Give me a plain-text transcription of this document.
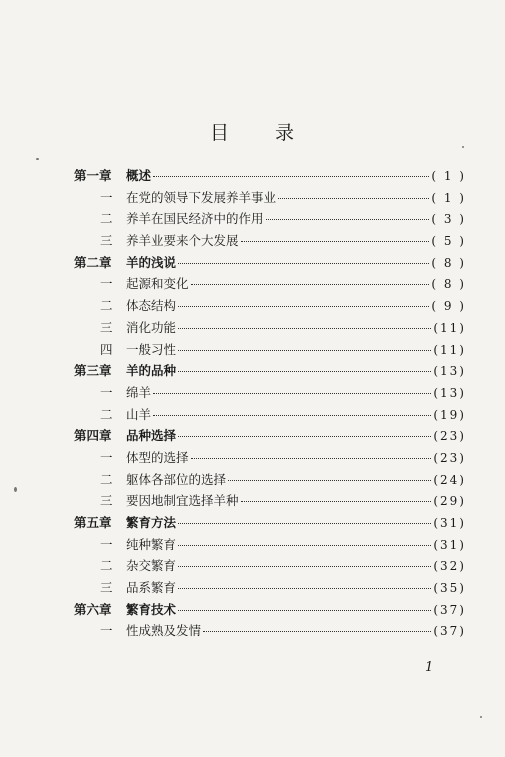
目 录
第一章	概述	( 1 )
一	在党的领导下发展养羊事业	( 1 )
二	养羊在国民经济中的作用	( 3 )
三	养羊业要来个大发展	( 5 )
第二章	羊的浅说	( 8 )
一	起源和变化	( 8 )
二	体态结构	( 9 )
三	消化功能	(11)
四	一般习性	(11)
第三章	羊的品种	(13)
一	绵羊	(13)
二	山羊	(19)
第四章	品种选择	(23)
一	体型的选择	(23)
二	躯体各部位的选择	(24)
三	要因地制宜选择羊种	(29)
第五章	繁育方法	(31)
一	纯种繁育	(31)
二	杂交繁育	(32)
三	品系繁育	(35)
第六章	繁育技术	(37)
一	性成熟及发情	(37)
1
